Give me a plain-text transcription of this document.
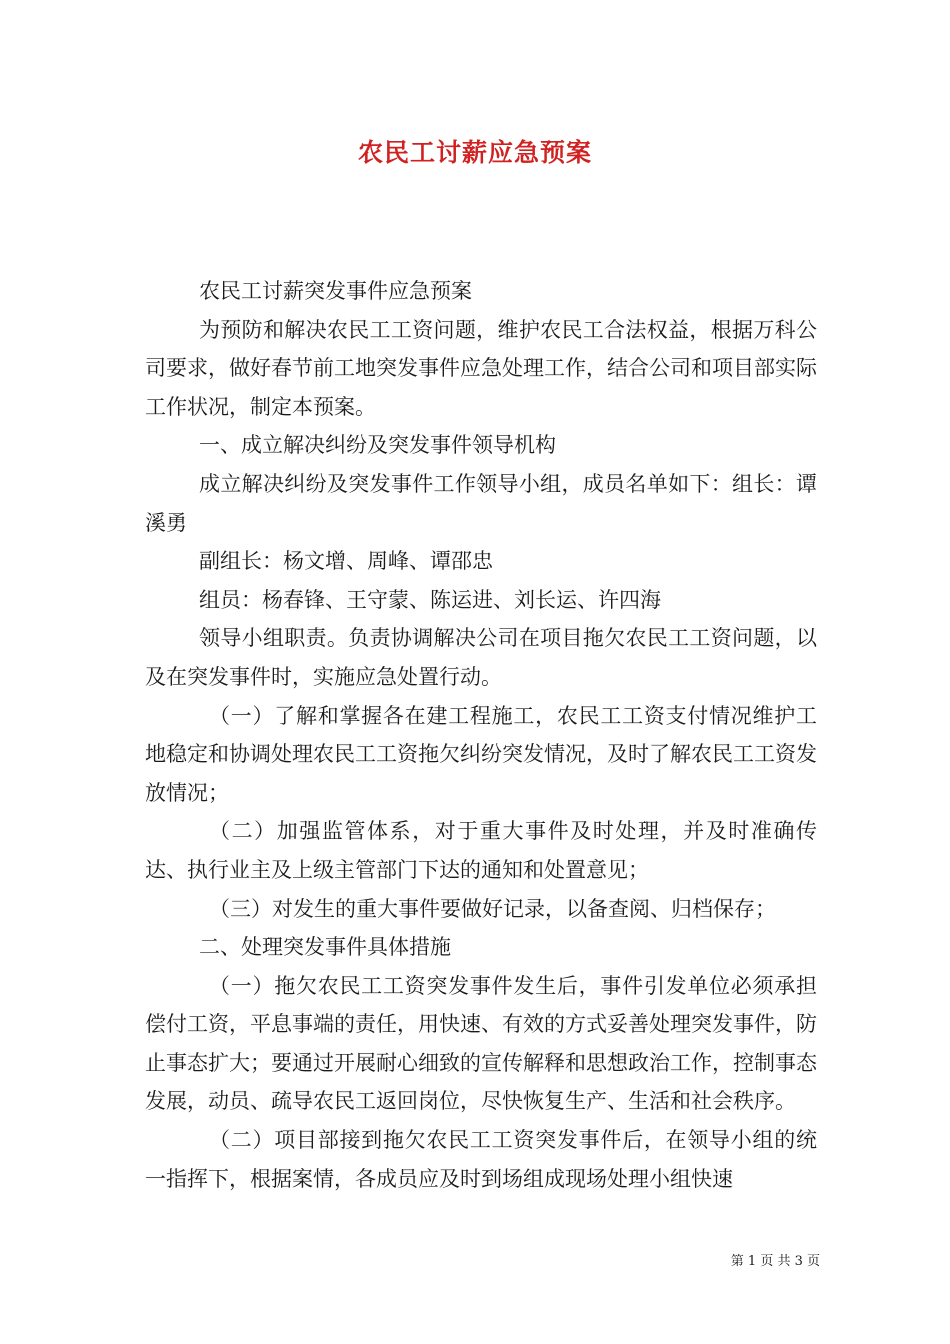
农民工讨薪应急预案

农民工讨薪突发事件应急预案

为预防和解决农民工工资问题，维护农民工合法权益，根据万科公司要求，做好春节前工地突发事件应急处理工作，结合公司和项目部实际工作状况，制定本预案。

一、成立解决纠纷及突发事件领导机构

成立解决纠纷及突发事件工作领导小组，成员名单如下：组长：谭溪勇

副组长：杨文增、周峰、谭邵忠

组员：杨春锋、王守蒙、陈运进、刘长运、许四海

领导小组职责。负责协调解决公司在项目拖欠农民工工资问题，以及在突发事件时，实施应急处置行动。

（一）了解和掌握各在建工程施工，农民工工资支付情况维护工地稳定和协调处理农民工工资拖欠纠纷突发情况，及时了解农民工工资发放情况；

（二）加强监管体系，对于重大事件及时处理，并及时准确传达、执行业主及上级主管部门下达的通知和处置意见；

（三）对发生的重大事件要做好记录，以备查阅、归档保存；

二、处理突发事件具体措施

（一）拖欠农民工工资突发事件发生后，事件引发单位必须承担偿付工资，平息事端的责任，用快速、有效的方式妥善处理突发事件，防止事态扩大；要通过开展耐心细致的宣传解释和思想政治工作，控制事态发展，动员、疏导农民工返回岗位，尽快恢复生产、生活和社会秩序。

（二）项目部接到拖欠农民工工资突发事件后，在领导小组的统一指挥下，根据案情，各成员应及时到场组成现场处理小组快速

第 1 页 共 3 页
